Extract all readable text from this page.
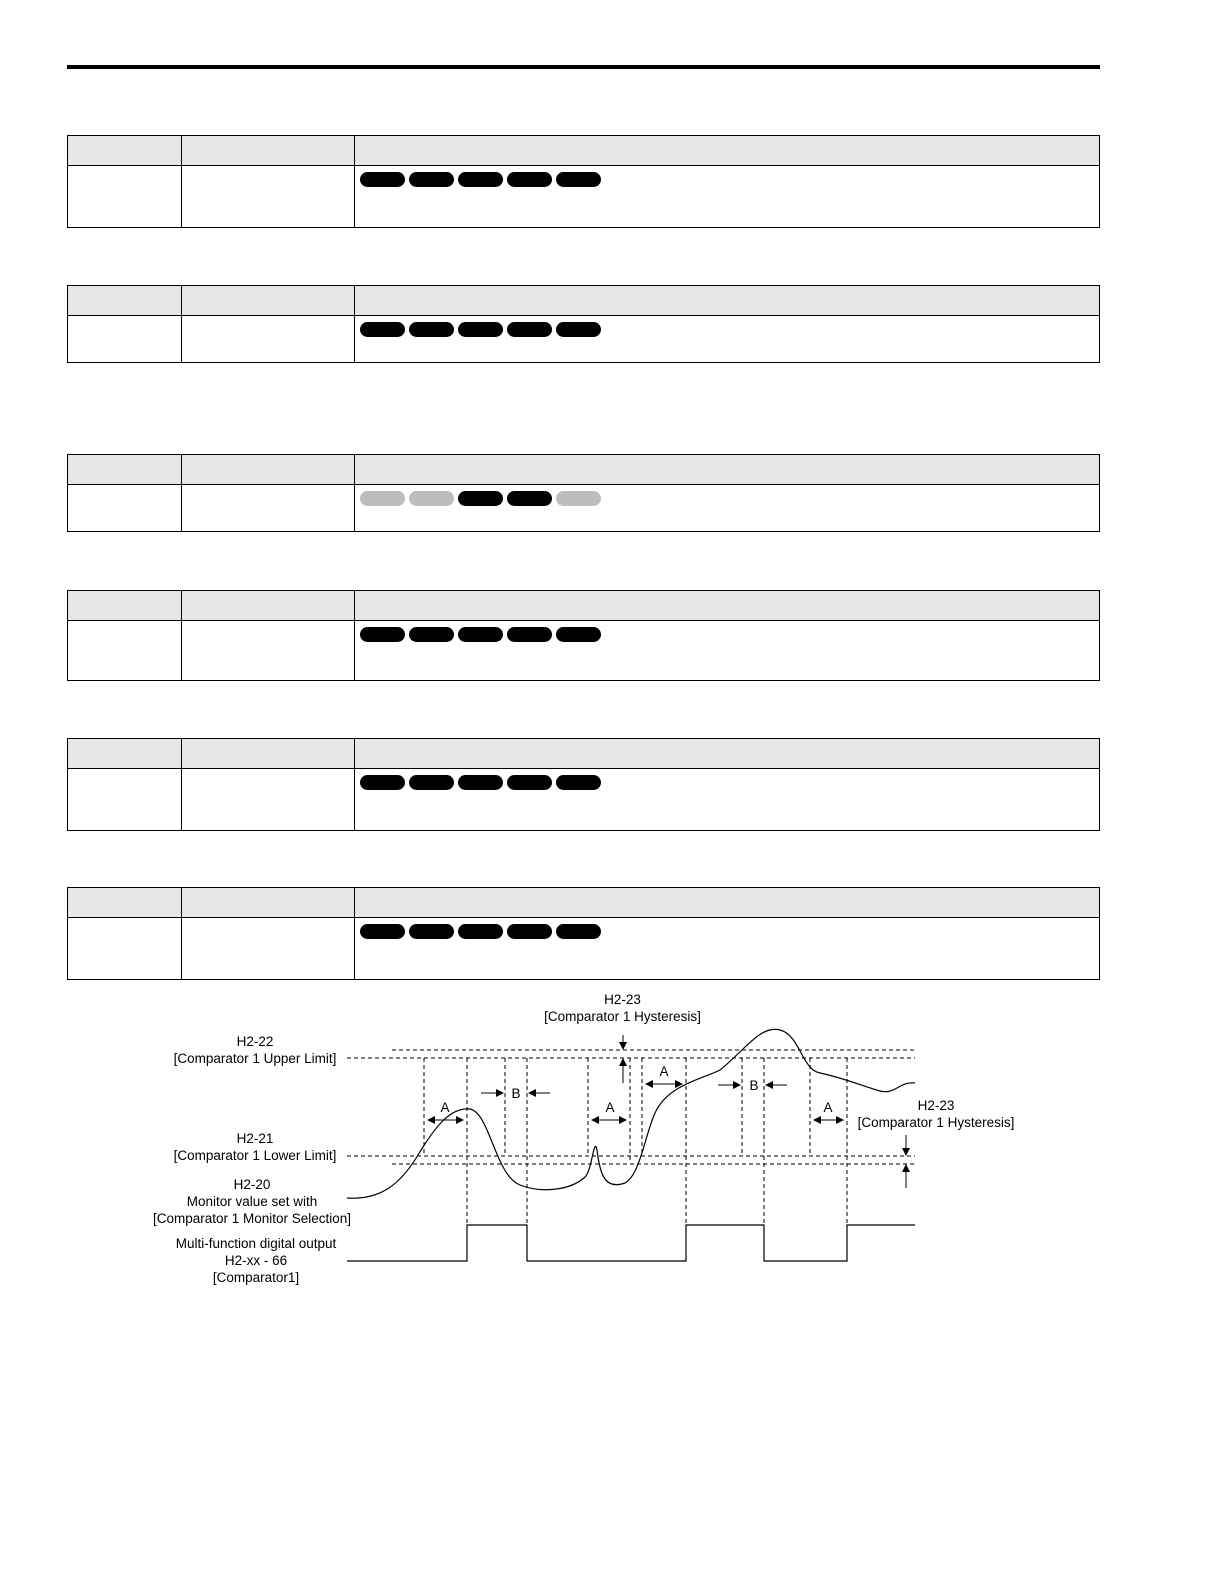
H2-23
[Comparator 1 Hysteresis]
H2-22
[Comparator 1 Upper Limit]
H2-21
[Comparator 1 Lower Limit]
H2-20
Monitor value set with
[Comparator 1 Monitor Selection]
Multi-function digital output
H2-xx - 66
[Comparator1]
H2-23
[Comparator 1 Hysteresis]
A	A
A
A
B
B
